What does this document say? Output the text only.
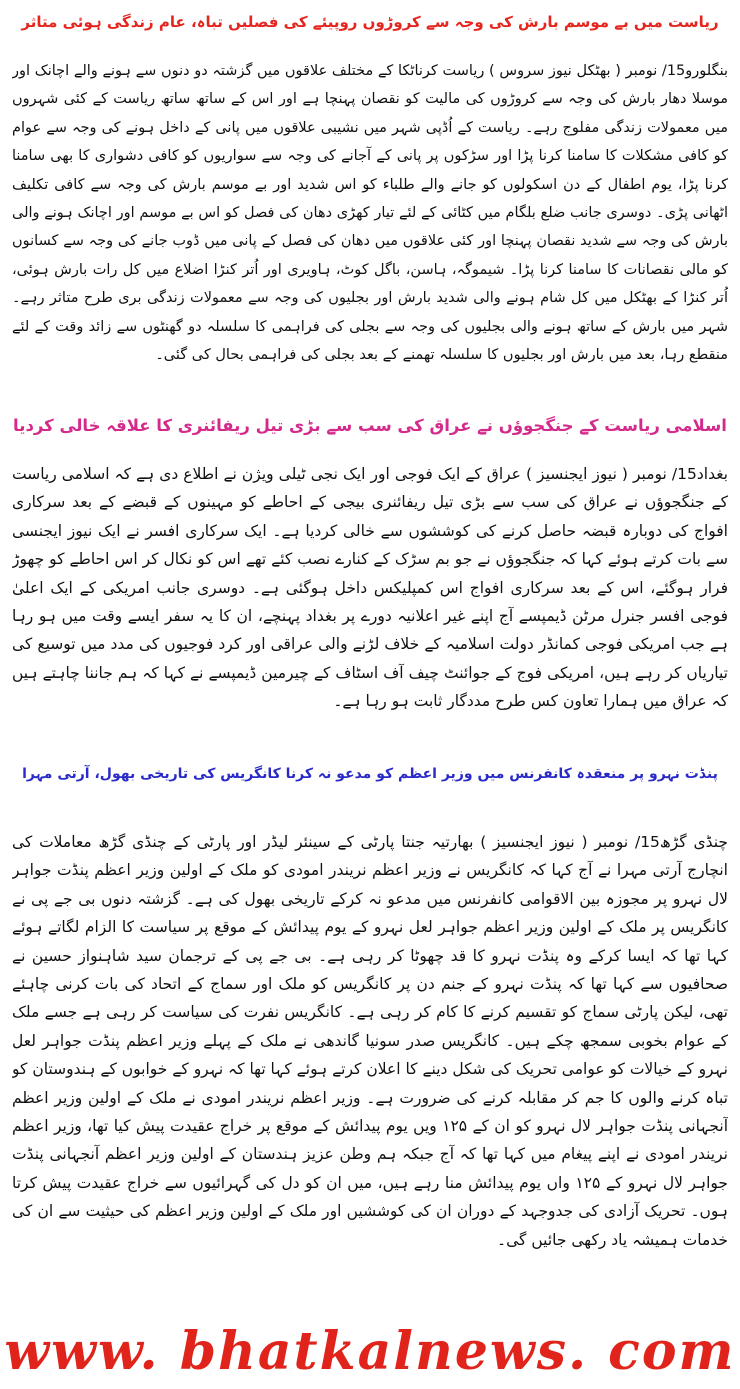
ریاست میں بے موسم بارش کی وجہ سے کروڑوں روپیئے کی فصلیں تباہ، عام زندگی ہوئی متاثر

بنگلورو15/ نومبر ( بھٹکل نیوز سروس ) ریاست کرناٹکا کے مختلف علاقوں میں گزشتہ دو دنوں سے ہونے والے اچانک اور موسلا دھار بارش کی وجہ سے کروڑوں کی مالیت کو نقصان پہنچا ہے اور اس کے ساتھ ساتھ ریاست کے کئی شہروں میں معمولات زندگی مفلوج رہے۔ ریاست کے اُڈپی شہر میں نشیبی علاقوں میں پانی کے داخل ہونے کی وجہ سے عوام کو کافی مشکلات کا سامنا کرنا پڑا اور سڑکوں پر پانی کے آجانے کی وجہ سے سواریوں کو کافی دشواری کا بھی سامنا کرنا پڑا، یوم اطفال کے دن اسکولوں کو جانے والے طلباء کو اس شدید اور بے موسم بارش کی وجہ سے کافی تکلیف اٹھانی پڑی۔ دوسری جانب ضلع بلگام میں کٹائی کے لئے تیار کھڑی دھان کی فصل کو اس بے موسم اور اچانک ہونے والی بارش کی وجہ سے شدید نقصان پہنچا اور کئی علاقوں میں دھان کی فصل کے پانی میں ڈوب جانے کی وجہ سے کسانوں کو مالی نقصانات کا سامنا کرنا پڑا۔ شیموگہ، ہاسن، باگل کوٹ، ہاویری اور اُتر کنڑا اضلاع میں کل رات بارش ہوئی، اُتر کنڑا کے بھٹکل میں کل شام ہونے والی شدید بارش اور بجلیوں کی وجہ سے معمولات زندگی بری طرح متاثر رہے۔ شہر میں بارش کے ساتھ ہونے والی بجلیوں کی وجہ سے بجلی کی فراہمی کا سلسلہ دو گھنٹوں سے زائد وقت کے لئے منقطع رہا، بعد میں بارش اور بجلیوں کا سلسلہ تھمنے کے بعد بجلی کی فراہمی بحال کی گئی۔

اسلامی ریاست کے جنگجوؤں نے عراق کی سب سے بڑی تیل ریفائنری کا علاقہ خالی کردیا

بغداد15/ نومبر ( نیوز ایجنسیز ) عراق کے ایک فوجی اور ایک نجی ٹیلی ویژن نے اطلاع دی ہے کہ اسلامی ریاست کے جنگجوؤں نے عراق کی سب سے بڑی تیل ریفائنری بیجی کے احاطے کو مہینوں کے قبضے کے بعد سرکاری افواج کی دوبارہ قبضہ حاصل کرنے کی کوششوں سے خالی کردیا ہے۔ ایک سرکاری افسر نے ایک نیوز ایجنسی سے بات کرتے ہوئے کہا کہ جنگجوؤں نے جو بم سڑک کے کنارے نصب کئے تھے اس کو نکال کر اس احاطے کو چھوڑ فرار ہوگئے، اس کے بعد سرکاری افواج اس کمپلیکس داخل ہوگئی ہے۔ دوسری جانب امریکی کے ایک اعلیٰ فوجی افسر جنرل مرٹن ڈیمپسے آج اپنے غیر اعلانیہ دورے پر بغداد پہنچے، ان کا یہ سفر ایسے وقت میں ہو رہا ہے جب امریکی فوجی کمانڈر دولت اسلامیہ کے خلاف لڑنے والی عراقی اور کرد فوجیوں کی مدد میں توسیع کی تیاریاں کر رہے ہیں، امریکی فوج کے جوائنٹ چیف آف اسٹاف کے چیرمین ڈیمپسے نے کہا کہ ہم جاننا چاہتے ہیں کہ عراق میں ہمارا تعاون کس طرح مددگار ثابت ہو رہا ہے۔

پنڈت نہرو پر منعقدہ کانفرنس میں وزیر اعظم کو مدعو نہ کرنا کانگریس کی تاریخی بھول، آرتی مہرا

چنڈی گڑھ15/ نومبر ( نیوز ایجنسیز ) بھارتیہ جنتا پارٹی کے سینئر لیڈر اور پارٹی کے چنڈی گڑھ معاملات کی انچارج آرتی مہرا نے آج کہا کہ کانگریس نے وزیر اعظم نریندر امودی کو ملک کے اولین وزیر اعظم پنڈت جواہر لال نہرو پر مجوزہ بین الاقوامی کانفرنس میں مدعو نہ کرکے تاریخی بھول کی ہے۔ گزشتہ دنوں بی جے پی نے کانگریس پر ملک کے اولین وزیر اعظم جواہر لعل نہرو کے یوم پیدائش کے موقع پر سیاست کا الزام لگاتے ہوئے کہا تھا کہ ایسا کرکے وہ پنڈت نہرو کا قد چھوٹا کر رہی ہے۔ بی جے پی کے ترجمان سید شاہنواز حسین نے صحافیوں سے کہا تھا کہ پنڈت نہرو کے جنم دن پر کانگریس کو ملک اور سماج کے اتحاد کی بات کرنی چاہئے تھی، لیکن پارٹی سماج کو تقسیم کرنے کا کام کر رہی ہے۔ کانگریس نفرت کی سیاست کر رہی ہے جسے ملک کے عوام بخوبی سمجھ چکے ہیں۔ کانگریس صدر سونیا گاندھی نے ملک کے پہلے وزیر اعظم پنڈت جواہر لعل نہرو کے خیالات کو عوامی تحریک کی شکل دینے کا اعلان کرتے ہوئے کہا تھا کہ نہرو کے خوابوں کے ہندوستان کو تباہ کرنے والوں کا جم کر مقابلہ کرنے کی ضرورت ہے۔ وزیر اعظم نریندر امودی نے ملک کے اولین وزیر اعظم آنجہانی پنڈت جواہر لال نہرو کو ان کے ۱۲۵ ویں یوم پیدائش کے موقع پر خراج عقیدت پیش کیا تھا، وزیر اعظم نریندر امودی نے اپنے پیغام میں کہا تھا کہ آج جبکہ ہم وطن عزیز ہندستان کے اولین وزیر اعظم آنجہانی پنڈت جواہر لال نہرو کے ۱۲۵ واں یوم پیدائش منا رہے ہیں، میں ان کو دل کی گہرائیوں سے خراج عقیدت پیش کرتا ہوں۔ تحریک آزادی کی جدوجہد کے دوران ان کی کوششیں اور ملک کے اولین وزیر اعظم کی حیثیت سے ان کی خدمات ہمیشہ یاد رکھی جائیں گی۔

www. bhatkalnews. com
